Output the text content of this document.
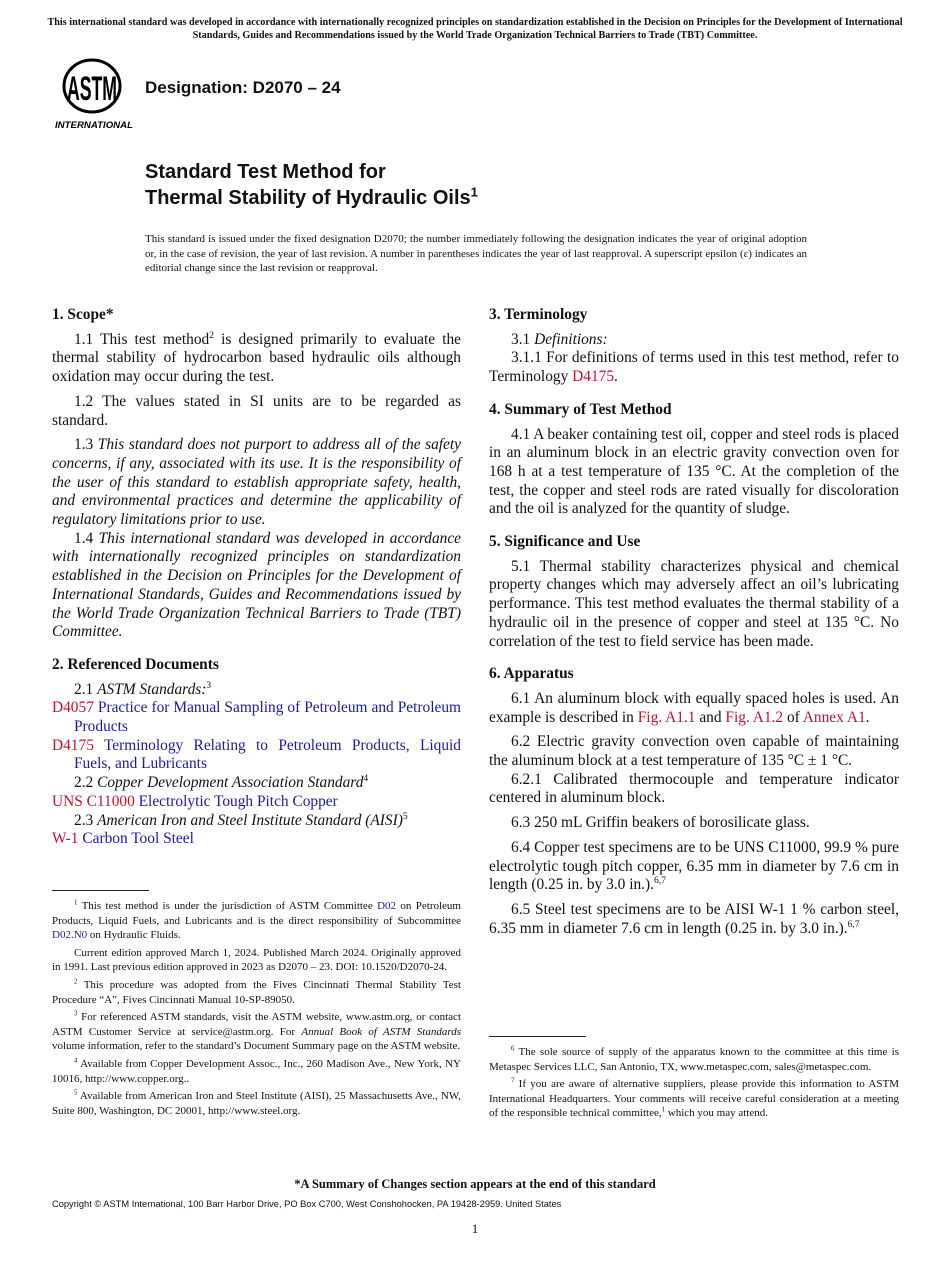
This international standard was developed in accordance with internationally recognized principles on standardization established in the Decision on Principles for the Development of International Standards, Guides and Recommendations issued by the World Trade Organization Technical Barriers to Trade (TBT) Committee.
ASTM
INTERNATIONAL
Designation: D2070 – 24
Standard Test Method for
Thermal Stability of Hydraulic Oils$^1$
This standard is issued under the fixed designation D2070; the number immediately following the designation indicates the year of original adoption or, in the case of revision, the year of last revision. A number in parentheses indicates the year of last reapproval. A superscript epsilon (ε) indicates an editorial change since the last revision or reapproval.
1. Scope*
1.1 This test method$^2$ is designed primarily to evaluate the thermal stability of hydrocarbon based hydraulic oils although oxidation may occur during the test.
1.2 The values stated in SI units are to be regarded as standard.
1.3 This standard does not purport to address all of the safety concerns, if any, associated with its use. It is the responsibility of the user of this standard to establish appropriate safety, health, and environmental practices and determine the applicability of regulatory limitations prior to use.
1.4 This international standard was developed in accordance with internationally recognized principles on standardization established in the Decision on Principles for the Development of International Standards, Guides and Recommendations issued by the World Trade Organization Technical Barriers to Trade (TBT) Committee.
2. Referenced Documents
2.1 ASTM Standards:$^3$
D4057 Practice for Manual Sampling of Petroleum and Petroleum Products
D4175 Terminology Relating to Petroleum Products, Liquid Fuels, and Lubricants
2.2 Copper Development Association Standard$^4$
UNS C11000 Electrolytic Tough Pitch Copper
2.3 American Iron and Steel Institute Standard (AISI)$^5$
W-1 Carbon Tool Steel
3. Terminology
3.1 Definitions:
3.1.1 For definitions of terms used in this test method, refer to Terminology D4175.
4. Summary of Test Method
4.1 A beaker containing test oil, copper and steel rods is placed in an aluminum block in an electric gravity convection oven for 168 h at a test temperature of 135 °C. At the completion of the test, the copper and steel rods are rated visually for discoloration and the oil is analyzed for the quantity of sludge.
5. Significance and Use
5.1 Thermal stability characterizes physical and chemical property changes which may adversely affect an oil’s lubricating performance. This test method evaluates the thermal stability of a hydraulic oil in the presence of copper and steel at 135 °C. No correlation of the test to field service has been made.
6. Apparatus
6.1 An aluminum block with equally spaced holes is used. An example is described in Fig. A1.1 and Fig. A1.2 of Annex A1.
6.2 Electric gravity convection oven capable of maintaining the aluminum block at a test temperature of 135 °C ± 1 °C.
6.2.1 Calibrated thermocouple and temperature indicator centered in aluminum block.
6.3 250 mL Griffin beakers of borosilicate glass.
6.4 Copper test specimens are to be UNS C11000, 99.9 % pure electrolytic tough pitch copper, 6.35 mm in diameter by 7.6 cm in length (0.25 in. by 3.0 in.).$^{6,7}$
6.5 Steel test specimens are to be AISI W-1 1 % carbon steel, 6.35 mm in diameter 7.6 cm in length (0.25 in. by 3.0 in.).$^{6,7}$
$^1$ This test method is under the jurisdiction of ASTM Committee D02 on Petroleum Products, Liquid Fuels, and Lubricants and is the direct responsibility of Subcommittee D02.N0 on Hydraulic Fluids.
Current edition approved March 1, 2024. Published March 2024. Originally approved in 1991. Last previous edition approved in 2023 as D2070 – 23. DOI: 10.1520/D2070-24.
$^2$ This procedure was adopted from the Fives Cincinnati Thermal Stability Test Procedure “A”, Fives Cincinnati Manual 10-SP-89050.
$^3$ For referenced ASTM standards, visit the ASTM website, www.astm.org, or contact ASTM Customer Service at service@astm.org. For Annual Book of ASTM Standards volume information, refer to the standard’s Document Summary page on the ASTM website.
$^4$ Available from Copper Development Assoc., Inc., 260 Madison Ave., New York, NY 10016, http://www.copper.org..
$^5$ Available from American Iron and Steel Institute (AISI), 25 Massachusetts Ave., NW, Suite 800, Washington, DC 20001, http://www.steel.org.
$^6$ The sole source of supply of the apparatus known to the committee at this time is Metaspec Services LLC, San Antonio, TX, www.metaspec.com, sales@metaspec.com.
$^7$ If you are aware of alternative suppliers, please provide this information to ASTM International Headquarters. Your comments will receive careful consideration at a meeting of the responsible technical committee,$^1$ which you may attend.
*A Summary of Changes section appears at the end of this standard
Copyright © ASTM International, 100 Barr Harbor Drive, PO Box C700, West Conshohocken, PA 19428-2959. United States
1
